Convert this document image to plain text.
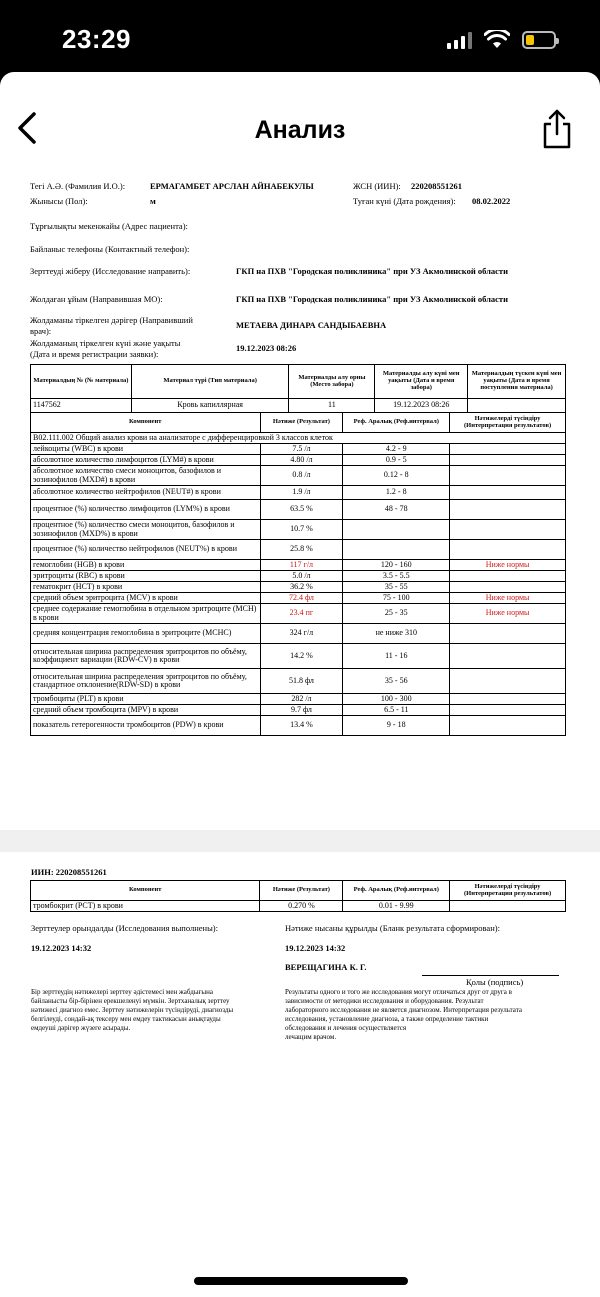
23:29
Анализ
Тегі А.Ә. (Фамилия И.О.):	ЕРМАГАМБЕТ АРСЛАН АЙНАБЕКУЛЫ	ЖСН (ИИН): 220208551261
Жынысы (Пол):	м	Туған күні (Дата рождения): 08.02.2022
Тұрғылықты мекенжайы (Адрес пациента):
Байланыс телефоны (Контактный телефон):
Зерттеуді жіберу (Исследование направить):	ГКП на ПХВ "Городская поликлиника" при УЗ Акмолинской области
Жолдаған ұйым (Направившая МО):	ГКП на ПХВ "Городская поликлиника" при УЗ Акмолинской области
Жолдаманы тіркелген дәрігер (Направивший
врач):
МЕТАЕВА ДИНАРА САНДЫБАЕВНА
Жолдаманың тіркелген күні және уақыты
(Дата и время регистрации заявки):
19.12.2023 08:26
Материалдың № (№ материала)	Материал түрі (Тип материала)	Материалды алу орны (Место забора)	Материалды алу күні мен уақыты (Дата и время забора)	Материалдың түскен күні мен уақыты (Дата и время поступления материала)
1147562	Кровь капиллярная	11	19.12.2023 08:26	
Компонент	Нәтиже (Результат)	Реф. Аралық (Реф.интервал)	Нәтижелерді түсіндіру (Интерпретация результатов)
B02.111.002 Общий анализ крови на анализаторе с дифференцировкой 3 классов клеток			
лейкоциты (WBC) в крови	7.5 /л	4.2 - 9	
абсолютное количество лимфоцитов (LYM#) в крови	4.80 /л	0.9 - 5	
абсолютное количество смеси моноцитов, базофилов и эозинофилов (MXD#) в крови	0.8 /л	0.12 - 8	
абсолютное количество нейтрофилов (NEUT#) в крови	1.9 /л	1.2 - 8	
процентное (%) количество лимфоцитов (LYM%) в крови	63.5 %	48 - 78	
процентное (%) количество смеси моноцитов, базофилов и эозинофилов (MXD%) в крови	10.7 %		
процентное (%) количество нейтрофилов (NEUT%) в крови	25.8 %		
гемоглобин (HGB) в крови	117 г/л	120 - 160	Ниже нормы
эритроциты (RBC) в крови	5.0 /л	3.5 - 5.5	
гематокрит (HCT) в крови	36.2 %	35 - 55	
средний объем эритроцита (MCV) в крови	72.4 фл	75 - 100	Ниже нормы
среднее содержание гемоглобина в отдельном эритроците (MCH) в крови	23.4 пг	25 - 35	Ниже нормы
средняя концентрация гемоглобина в эритроците (MCHC)	324 г/л	не ниже 310	
относительная ширина распределения эритроцитов по объёму, коэффициент вариации (RDW-CV) в крови	14.2 %	11 - 16	
относительная ширина распределения эритроцитов по объёму, стандартное отклонение(RDW-SD) в крови	51.8 фл	35 - 56	
тромбоциты (PLT) в крови	282 /л	100 - 300	
средний объем тромбоцита (MPV) в крови	9.7 фл	6.5 - 11	
показатель гетерогенности тромбоцитов (PDW) в крови	13.4 %	9 - 18	
ИИН: 220208551261
Компонент	Нәтиже (Результат)	Реф. Аралық (Реф.интервал)	Нәтижелерді түсіндіру (Интерпретация результатов)
тромбокрит (PCT) в крови	0.270 %	0.01 - 9.99	
Зерттеулер орындалды (Исследования выполнены):	Нәтиже нысаны құрылды (Бланк результата сформирован):
19.12.2023 14:32	19.12.2023 14:32
ВЕРЕЩАГИНА К. Г.
Қолы (подпись)
Бір зерттеудің нәтижелері зерттеу әдістемесі мен жабдығына
байланысты бір-бірінен ерекшеленуі мүмкін. Зертханалық зерттеу
нәтижесі диагноз емес. Зерттеу нәтижелерін түсіндіруді, диагнозды
белгілеуді, сондай-ақ тексеру мен емдеу тактикасын анықтауды
емдеуші дәрігер жүзеге асырады.
Результаты одного и того же исследования могут отличаться друг от друга в
зависимости от методики исследования и оборудования. Результат
лабораторного исследования не является диагнозом. Интерпретация результата
исследования, установление диагноза, а также определение тактики
обследования и лечения осуществляется
лечащим врачом.
